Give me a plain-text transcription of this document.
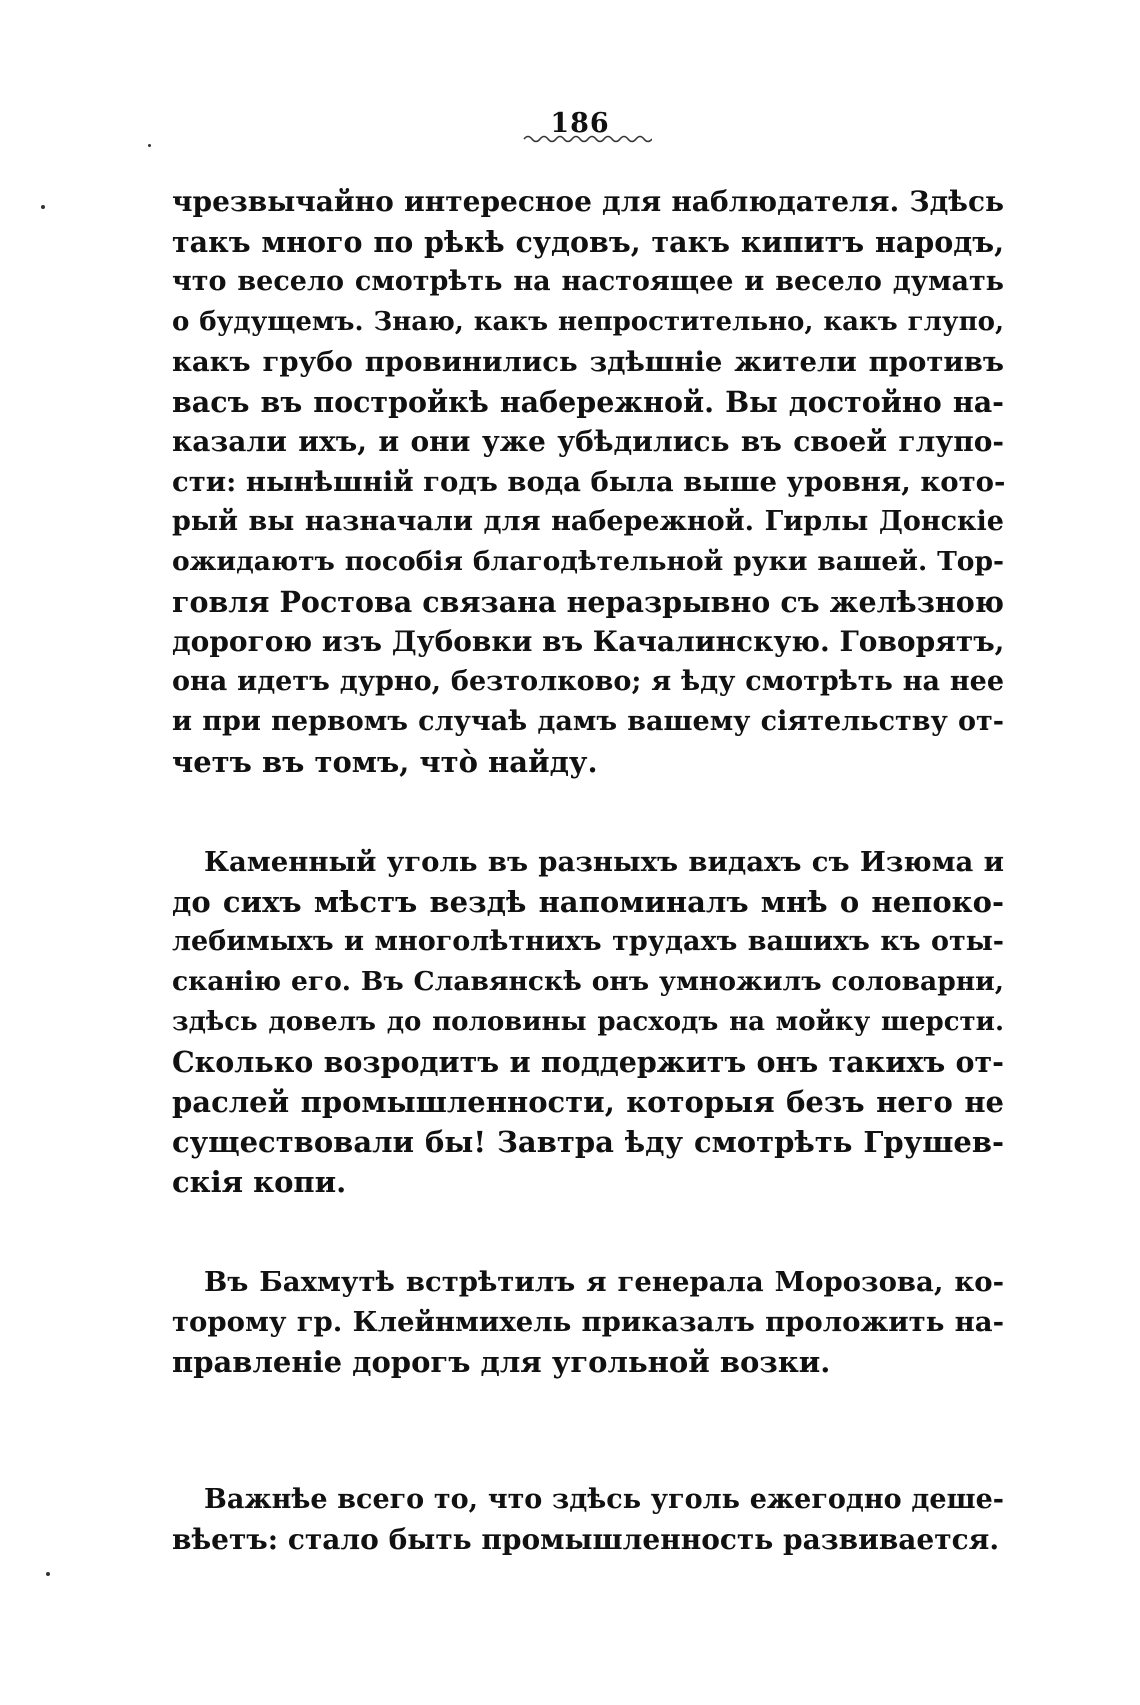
186
чрезвычайно интересное для наблюдателя. Здѣсь
такъ много по рѣкѣ судовъ, такъ кипитъ народъ,
что весело смотрѣть на настоящее и весело думать
о будущемъ. Знаю, какъ непростительно, какъ глупо,
какъ грубо провинились здѣшніе жители противъ
васъ въ постройкѣ набережной. Вы достойно на-
казали ихъ, и они уже убѣдились въ своей глупо-
сти: нынѣшній годъ вода была выше уровня, кото-
рый вы назначали для набережной. Гирлы Донскіе
ожидаютъ пособія благодѣтельной руки вашей. Тор-
говля Ростова связана неразрывно съ желѣзною
дорогою изъ Дубовки въ Качалинскую. Говорятъ,
она идетъ дурно, безтолково; я ѣду смотрѣть на нее
и при первомъ случаѣ дамъ вашему сіятельству от-
четъ въ томъ, что̀ найду.
Каменный уголь въ разныхъ видахъ съ Изюма и
до сихъ мѣстъ вездѣ напоминалъ мнѣ о непоко-
лебимыхъ и многолѣтнихъ трудахъ вашихъ къ оты-
сканію его. Въ Славянскѣ онъ умножилъ соловарни,
здѣсь довелъ до половины расходъ на мойку шерсти.
Сколько возродитъ и поддержитъ онъ такихъ от-
раслей промышленности, которыя безъ него не
существовали бы! Завтра ѣду смотрѣть Грушев-
скія копи.
Въ Бахмутѣ встрѣтилъ я генерала Морозова, ко-
торому гр. Клейнмихель приказалъ проложить на-
правленіе дорогъ для угольной возки.
Важнѣе всего то, что здѣсь уголь ежегодно деше-
вѣетъ: стало быть промышленность развивается.
